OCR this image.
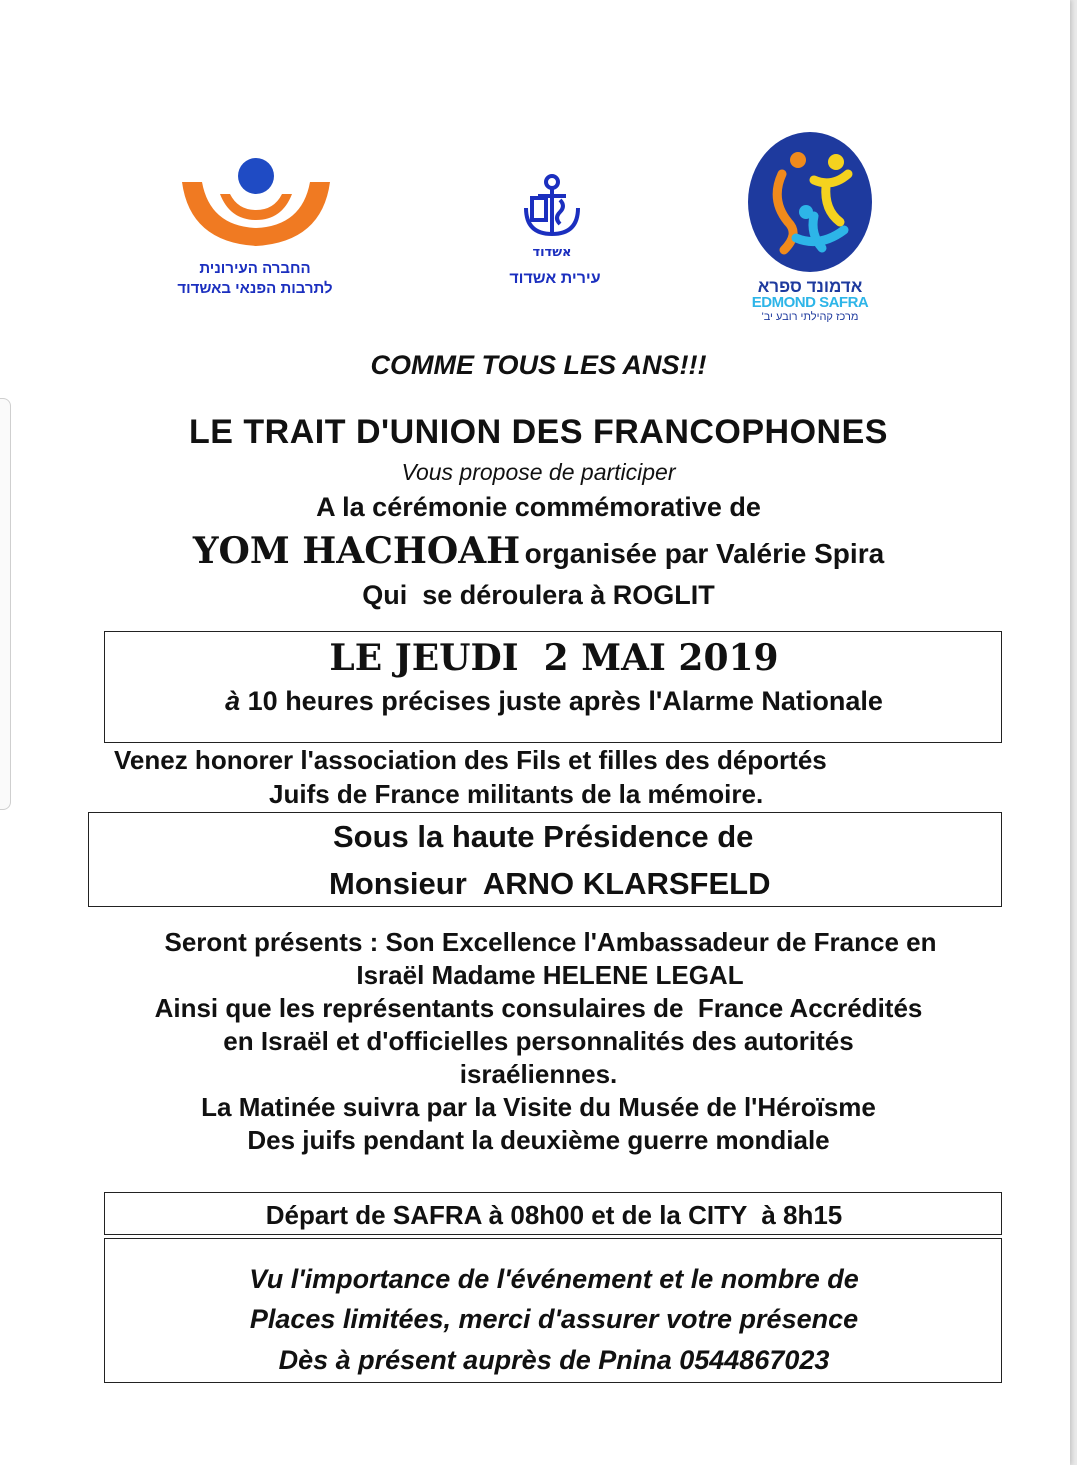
החברה העירונית
לתרבות הפנאי באשדוד
אשדוד
עירית אשדוד	אדמונד ספרא
EDMOND SAFRA
מרכז קהילתי רובע יב'
COMME TOUS LES ANS!!!
LE TRAIT D'UNION DES FRANCOPHONES
Vous propose de participer
A la cérémonie commémorative de
YOM HACHOAH organisée par Valérie Spira
Qui  se déroulera à ROGLIT
LE JEUDI  2 MAI 2019
à 10 heures précises juste après l'Alarme Nationale
Venez honorer l'association des Fils et filles des déportés
Juifs de France militants de la mémoire.
Sous la haute Présidence de
Monsieur  ARNO KLARSFELD
Seront présents : Son Excellence l'Ambassadeur de France en
Israël Madame HELENE LEGAL
Ainsi que les représentants consulaires de  France Accrédités
en Israël et d'officielles personnalités des autorités
israéliennes.
La Matinée suivra par la Visite du Musée de l'Héroïsme
Des juifs pendant la deuxième guerre mondiale
Départ de SAFRA à 08h00 et de la CITY  à 8h15
Vu l'importance de l'événement et le nombre de
Places limitées, merci d'assurer votre présence
Dès à présent auprès de Pnina 0544867023
